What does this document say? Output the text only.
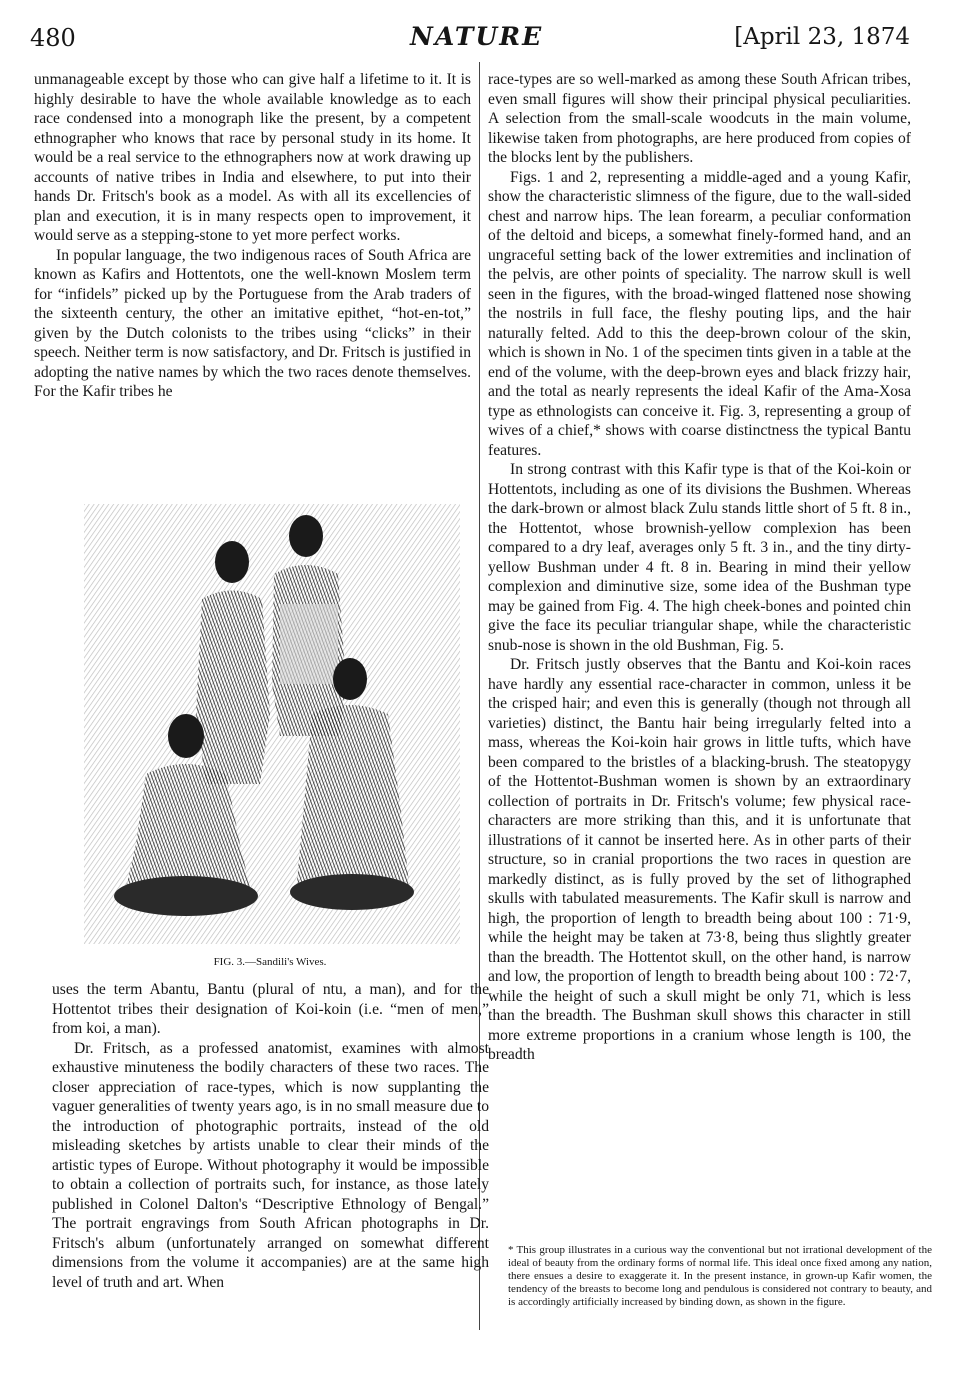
480	NATURE	[April 23, 1874

unmanageable except by those who can give half a lifetime to it. It is highly desirable to have the whole available knowledge as to each race condensed into a monograph like the present, by a competent ethnographer who knows that race by personal study in its home. It would be a real service to the ethnographers now at work drawing up accounts of native tribes in India and elsewhere, to put into their hands Dr. Fritsch's book as a model. As with all its excellencies of plan and execution, it is in many respects open to improvement, it would serve as a stepping-stone to yet more perfect works.

In popular language, the two indigenous races of South Africa are known as Kafirs and Hottentots, one the well-known Moslem term for “infidels” picked up by the Portuguese from the Arab traders of the sixteenth century, the other an imitative epithet, “hot-en-tot,” given by the Dutch colonists to the tribes using “clicks” in their speech. Neither term is now satisfactory, and Dr. Fritsch is justified in adopting the native names by which the two races denote themselves. For the Kafir tribes he

FIG. 3.—Sandili's Wives.

uses the term Abantu, Bantu (plural of ntu, a man), and for the Hottentot tribes their designation of Koi-koin (i.e. “men of men,” from koi, a man).

Dr. Fritsch, as a professed anatomist, examines with almost exhaustive minuteness the bodily characters of these two races. The closer appreciation of race-types, which is now supplanting the vaguer generalities of twenty years ago, is in no small measure due to the introduction of photographic portraits, instead of the old misleading sketches by artists unable to clear their minds of the artistic types of Europe. Without photography it would be impossible to obtain a collection of portraits such, for instance, as those lately published in Colonel Dalton's “Descriptive Ethnology of Bengal.” The portrait engravings from South African photographs in Dr. Fritsch's album (unfortunately arranged on somewhat different dimensions from the volume it accompanies) are at the same high level of truth and art. When

race-types are so well-marked as among these South African tribes, even small figures will show their principal physical peculiarities. A selection from the small-scale woodcuts in the main volume, likewise taken from photographs, are here produced from copies of the blocks lent by the publishers.

Figs. 1 and 2, representing a middle-aged and a young Kafir, show the characteristic slimness of the figure, due to the wall-sided chest and narrow hips. The lean forearm, a peculiar conformation of the deltoid and biceps, a somewhat finely-formed hand, and an ungraceful setting back of the lower extremities and inclination of the pelvis, are other points of speciality. The narrow skull is well seen in the figures, with the broad-winged flattened nose showing the nostrils in full face, the fleshy pouting lips, and the hair naturally felted. Add to this the deep-brown colour of the skin, which is shown in No. 1 of the specimen tints given in a table at the end of the volume, with the deep-brown eyes and black frizzy hair, and the total as nearly represents the ideal Kafir of the Ama-Xosa type as ethnologists can conceive it. Fig. 3, representing a group of wives of a chief,* shows with coarse distinctness the typical Bantu features.

In strong contrast with this Kafir type is that of the Koi-koin or Hottentots, including as one of its divisions the Bushmen. Whereas the dark-brown or almost black Zulu stands little short of 5 ft. 8 in., the Hottentot, whose brownish-yellow complexion has been compared to a dry leaf, averages only 5 ft. 3 in., and the tiny dirty-yellow Bushman under 4 ft. 8 in. Bearing in mind their yellow complexion and diminutive size, some idea of the Bushman type may be gained from Fig. 4. The high cheek-bones and pointed chin give the face its peculiar triangular shape, while the characteristic snub-nose is shown in the old Bushman, Fig. 5.

Dr. Fritsch justly observes that the Bantu and Koi-koin races have hardly any essential race-character in common, unless it be the crisped hair; and even this is generally (though not through all varieties) distinct, the Bantu hair being irregularly felted into a mass, whereas the Koi-koin hair grows in little tufts, which have been compared to the bristles of a blacking-brush. The steatopygy of the Hottentot-Bushman women is shown by an extraordinary collection of portraits in Dr. Fritsch's volume; few physical race-characters are more striking than this, and it is unfortunate that illustrations of it cannot be inserted here. As in other parts of their structure, so in cranial proportions the two races in question are markedly distinct, as is fully proved by the set of lithographed skulls with tabulated measurements. The Kafir skull is narrow and high, the proportion of length to breadth being about 100 : 71·9, while the height may be taken at 73·8, being thus slightly greater than the breadth. The Hottentot skull, on the other hand, is narrow and low, the proportion of length to breadth being about 100 : 72·7, while the height of such a skull might be only 71, which is less than the breadth. The Bushman skull shows this character in still more extreme proportions in a cranium whose length is 100, the breadth

* This group illustrates in a curious way the conventional but not irrational development of the ideal of beauty from the ordinary forms of normal life. This ideal once fixed among any nation, there ensues a desire to exaggerate it. In the present instance, in grown-up Kafir women, the tendency of the breasts to become long and pendulous is considered not contrary to beauty, and is accordingly artificially increased by binding down, as shown in the figure.
